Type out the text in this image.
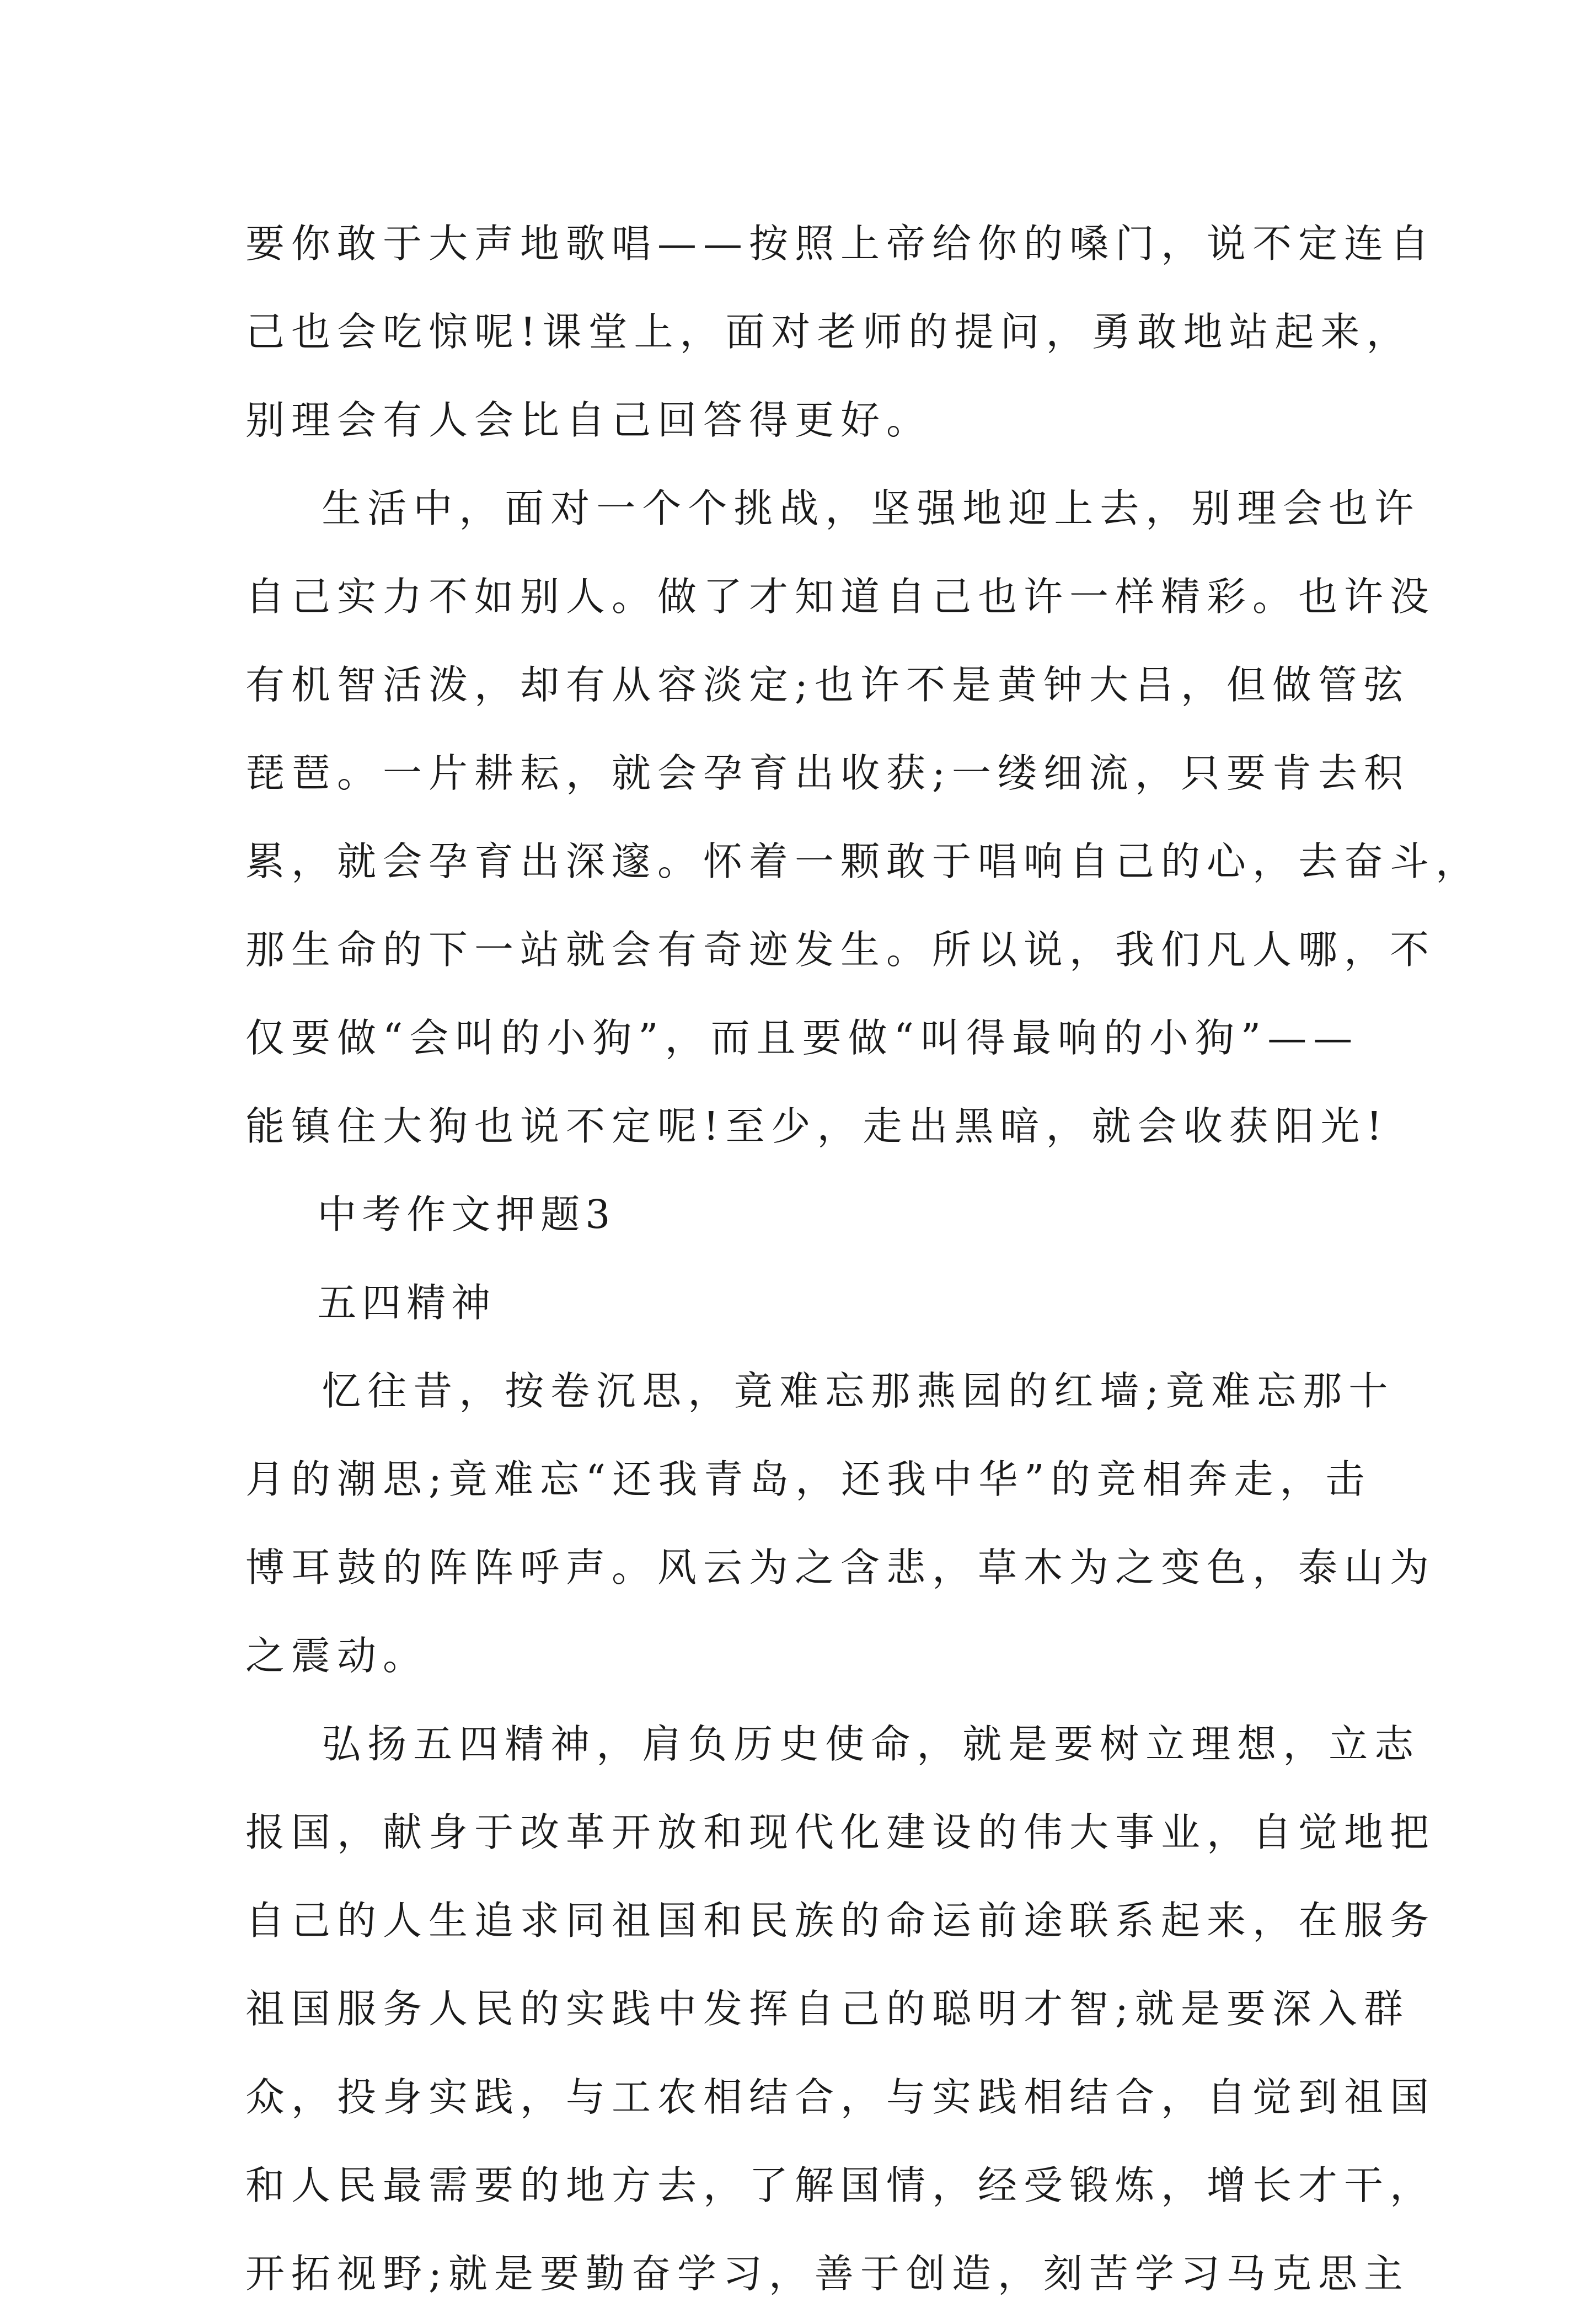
要你敢于大声地歌唱——按照上帝给你的嗓门，说不定连自
己也会吃惊呢!课堂上，面对老师的提问，勇敢地站起来，
别理会有人会比自己回答得更好。
生活中，面对一个个挑战，坚强地迎上去，别理会也许
自己实力不如别人。做了才知道自己也许一样精彩。也许没
有机智活泼，却有从容淡定;也许不是黄钟大吕，但做管弦
琵琶。一片耕耘，就会孕育出收获;一缕细流，只要肯去积
累，就会孕育出深邃。怀着一颗敢于唱响自己的心，去奋斗，
那生命的下一站就会有奇迹发生。所以说，我们凡人哪，不
仅要做“会叫的小狗”，而且要做“叫得最响的小狗”——
能镇住大狗也说不定呢!至少，走出黑暗，就会收获阳光!
中考作文押题3
五四精神
忆往昔，按卷沉思，竟难忘那燕园的红墙;竟难忘那十
月的潮思;竟难忘“还我青岛，还我中华”的竞相奔走，击
博耳鼓的阵阵呼声。风云为之含悲，草木为之变色，泰山为
之震动。
弘扬五四精神，肩负历史使命，就是要树立理想，立志
报国，献身于改革开放和现代化建设的伟大事业，自觉地把
自己的人生追求同祖国和民族的命运前途联系起来，在服务
祖国服务人民的实践中发挥自己的聪明才智;就是要深入群
众，投身实践，与工农相结合，与实践相结合，自觉到祖国
和人民最需要的地方去，了解国情，经受锻炼，增长才干，
开拓视野;就是要勤奋学习，善于创造，刻苦学习马克思主
